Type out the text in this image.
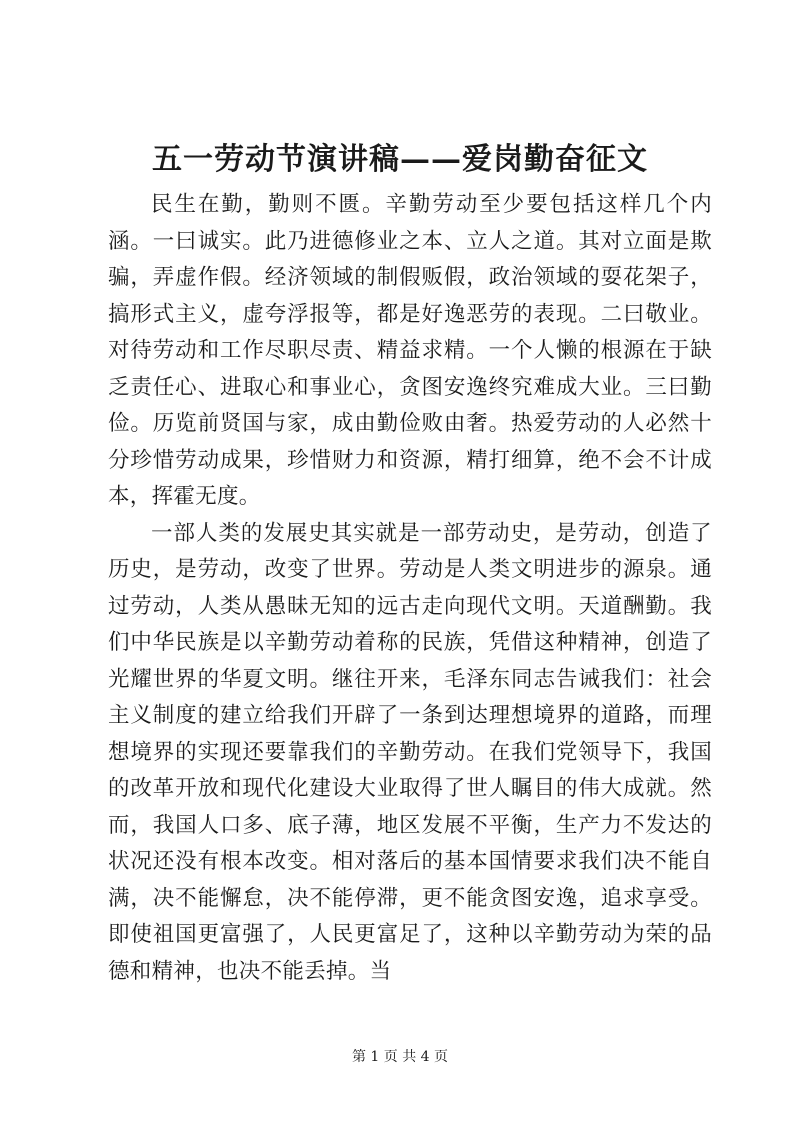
五一劳动节演讲稿——爱岗勤奋征文

民生在勤，勤则不匮。辛勤劳动至少要包括这样几个内涵。一曰诚实。此乃进德修业之本、立人之道。其对立面是欺骗，弄虚作假。经济领域的制假贩假，政治领域的耍花架子，搞形式主义，虚夸浮报等，都是好逸恶劳的表现。二曰敬业。对待劳动和工作尽职尽责、精益求精。一个人懒的根源在于缺乏责任心、进取心和事业心，贪图安逸终究难成大业。三曰勤俭。历览前贤国与家，成由勤俭败由奢。热爱劳动的人必然十分珍惜劳动成果，珍惜财力和资源，精打细算，绝不会不计成本，挥霍无度。

一部人类的发展史其实就是一部劳动史，是劳动，创造了历史，是劳动，改变了世界。劳动是人类文明进步的源泉。通过劳动，人类从愚昧无知的远古走向现代文明。天道酬勤。我们中华民族是以辛勤劳动着称的民族，凭借这种精神，创造了光耀世界的华夏文明。继往开来，毛泽东同志告诫我们：社会主义制度的建立给我们开辟了一条到达理想境界的道路，而理想境界的实现还要靠我们的辛勤劳动。在我们党领导下，我国的改革开放和现代化建设大业取得了世人瞩目的伟大成就。然而，我国人口多、底子薄，地区发展不平衡，生产力不发达的状况还没有根本改变。相对落后的基本国情要求我们决不能自满，决不能懈怠，决不能停滞，更不能贪图安逸，追求享受。即使祖国更富强了，人民更富足了，这种以辛勤劳动为荣的品德和精神，也决不能丢掉。当

第 1 页 共 4 页
